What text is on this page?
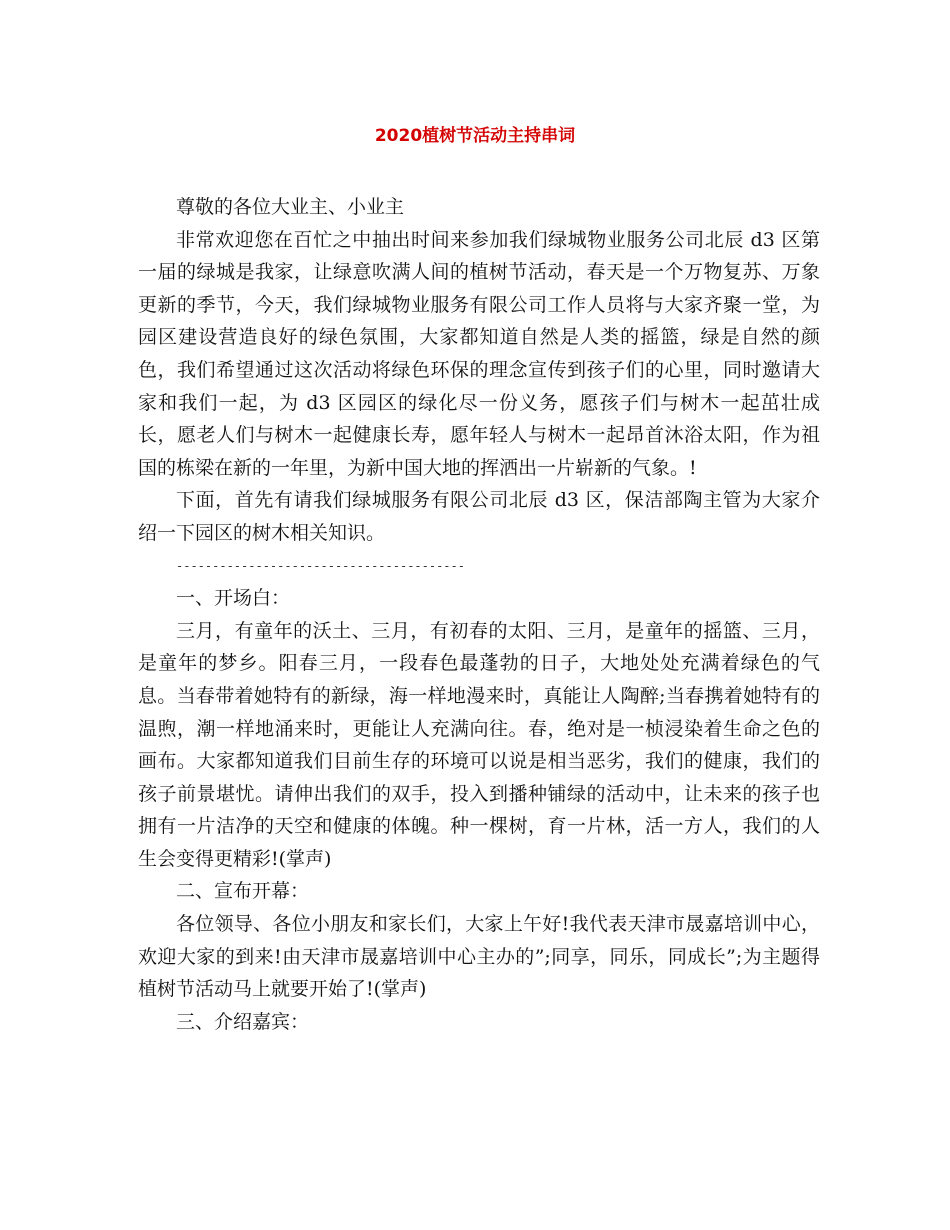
2020植树节活动主持串词

尊敬的各位大业主、小业主

非常欢迎您在百忙之中抽出时间来参加我们绿城物业服务公司北辰 d3 区第一届的绿城是我家，让绿意吹满人间的植树节活动，春天是一个万物复苏、万象更新的季节，今天，我们绿城物业服务有限公司工作人员将与大家齐聚一堂，为园区建设营造良好的绿色氛围，大家都知道自然是人类的摇篮，绿是自然的颜色，我们希望通过这次活动将绿色环保的理念宣传到孩子们的心里，同时邀请大家和我们一起，为 d3 区园区的绿化尽一份义务，愿孩子们与树木一起茁壮成长，愿老人们与树木一起健康长寿，愿年轻人与树木一起昂首沐浴太阳，作为祖国的栋梁在新的一年里，为新中国大地的挥洒出一片崭新的气象。!

下面，首先有请我们绿城服务有限公司北辰 d3 区，保洁部陶主管为大家介绍一下园区的树木相关知识。

----------------------------------------

一、开场白：

三月，有童年的沃土、三月，有初春的太阳、三月，是童年的摇篮、三月，是童年的梦乡。阳春三月，一段春色最蓬勃的日子，大地处处充满着绿色的气息。当春带着她特有的新绿，海一样地漫来时，真能让人陶醉;当春携着她特有的温煦，潮一样地涌来时，更能让人充满向往。春，绝对是一桢浸染着生命之色的画布。大家都知道我们目前生存的环境可以说是相当恶劣，我们的健康，我们的孩子前景堪忧。请伸出我们的双手，投入到播种铺绿的活动中，让未来的孩子也拥有一片洁净的天空和健康的体魄。种一棵树，育一片林，活一方人，我们的人生会变得更精彩!(掌声)

二、宣布开幕：

各位领导、各位小朋友和家长们，大家上午好!我代表天津市晟嘉培训中心，欢迎大家的到来!由天津市晟嘉培训中心主办的”;同享，同乐，同成长”;为主题得植树节活动马上就要开始了!(掌声)

三、介绍嘉宾：
